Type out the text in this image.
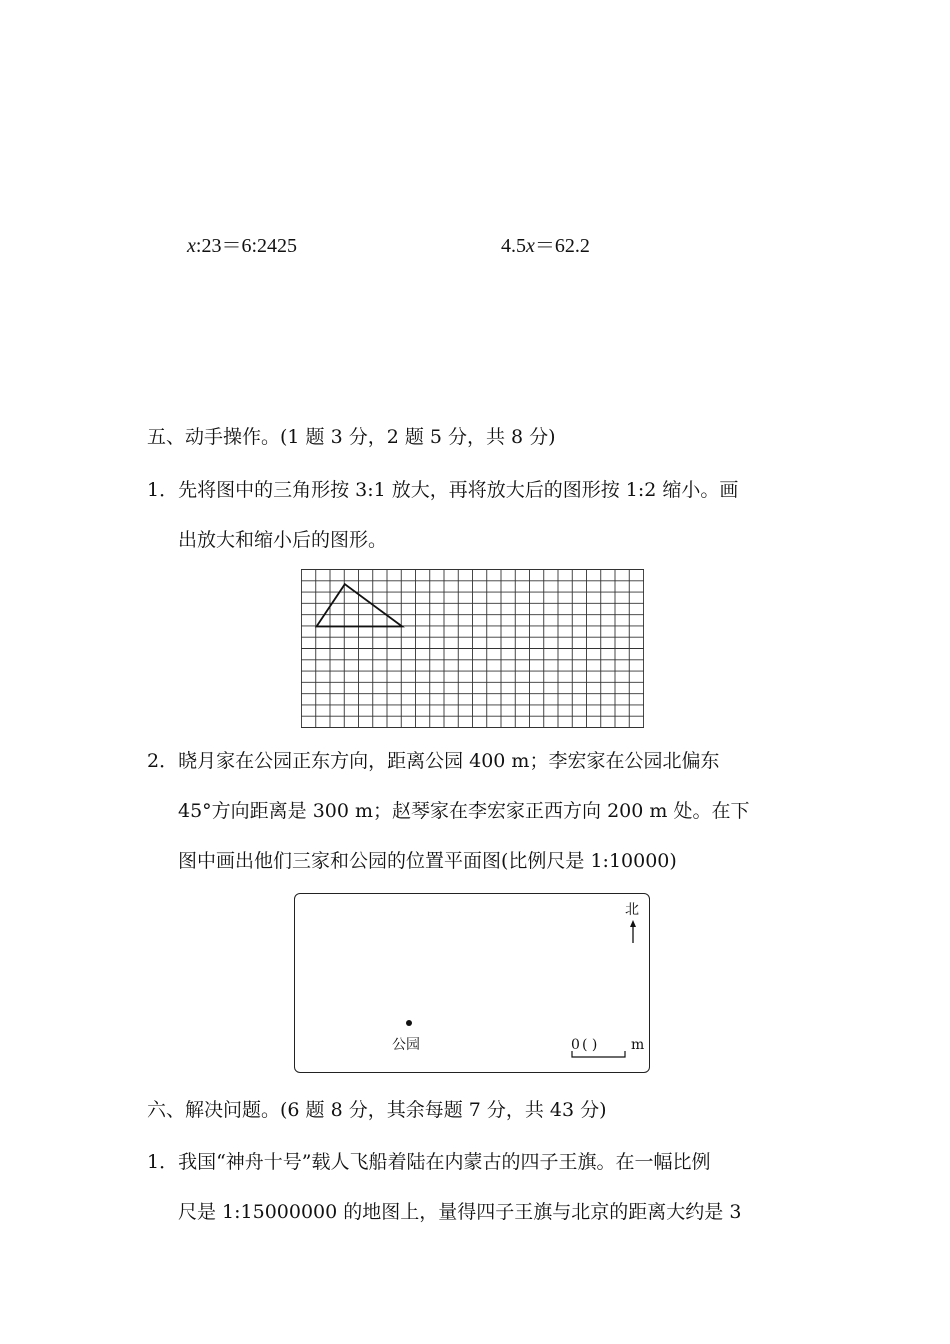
x:23＝6:2425	4.5x＝62.2
五、动手操作。(1 题 3 分，2 题 5 分，共 8 分)
1．先将图中的三角形按 3:1 放大，再将放大后的图形按 1:2 缩小。画
出放大和缩小后的图形。
2．晓月家在公园正东方向，距离公园 400 m；李宏家在公园北偏东
45°方向距离是 300 m；赵琴家在李宏家正西方向 200 m 处。在下
图中画出他们三家和公园的位置平面图(比例尺是 1:10000)
北
公园	0 ( ) m
六、解决问题。(6 题 8 分，其余每题 7 分，共 43 分)
1．我国“神舟十号”载人飞船着陆在内蒙古的四子王旗。在一幅比例
尺是 1:15000000 的地图上，量得四子王旗与北京的距离大约是 3
